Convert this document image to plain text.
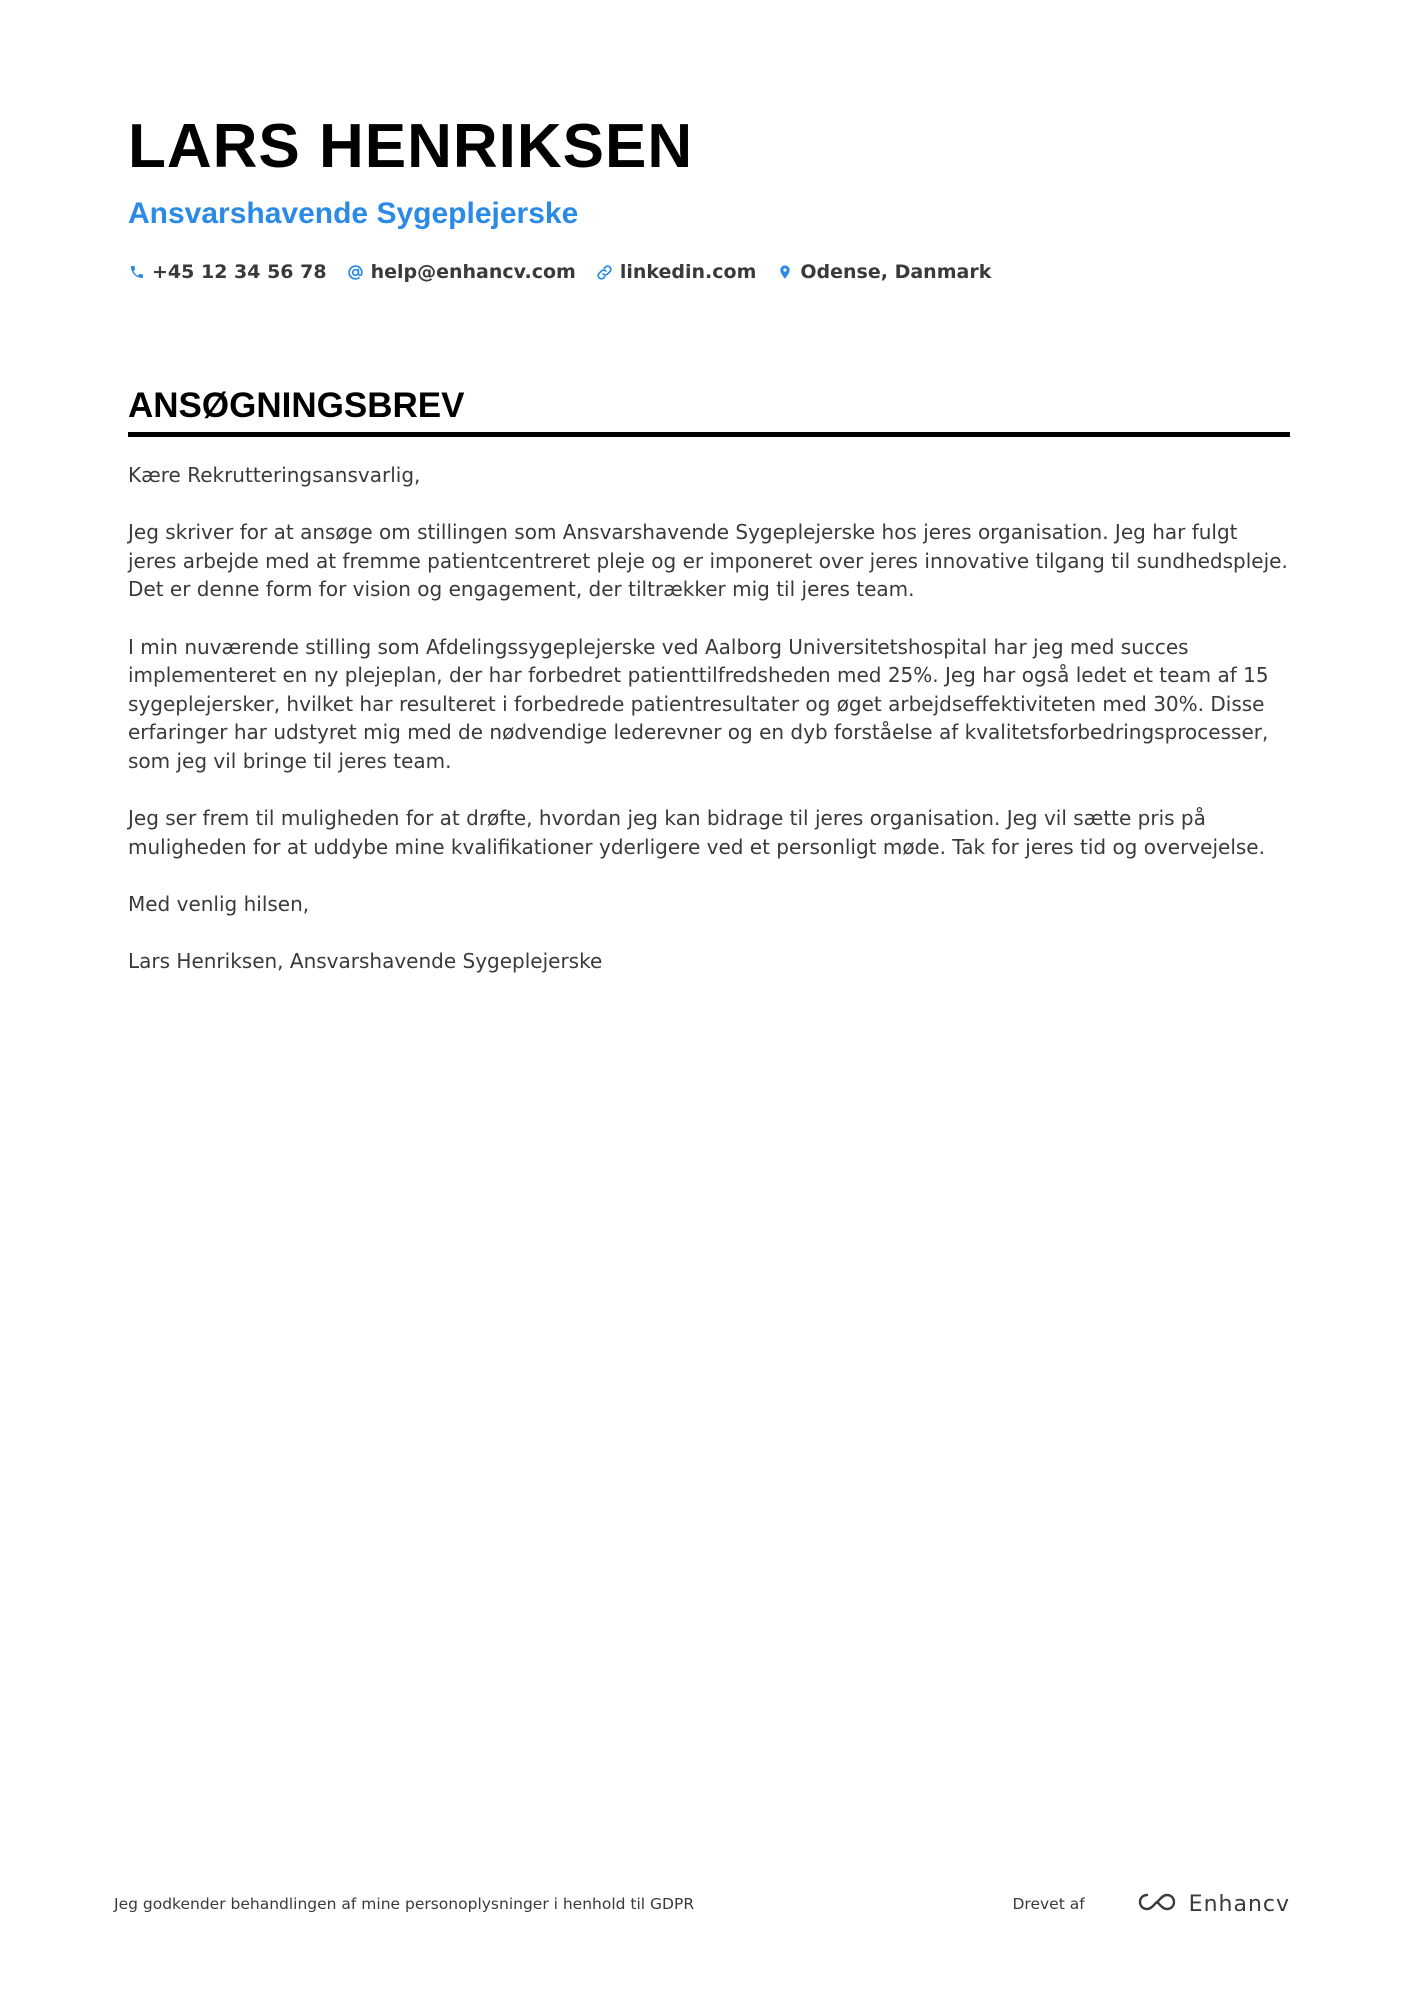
LARS HENRIKSEN
Ansvarshavende Sygeplejerske
+45 12 34 56 78 help@enhancv.com linkedin.com Odense, Danmark
ANSØGNINGSBREV

Kære Rekrutteringsansvarlig,

Jeg skriver for at ansøge om stillingen som Ansvarshavende Sygeplejerske hos jeres organisation. Jeg har fulgt jeres arbejde med at fremme patientcentreret pleje og er imponeret over jeres innovative tilgang til sundhedspleje. Det er denne form for vision og engagement, der tiltrækker mig til jeres team.

I min nuværende stilling som Afdelingssygeplejerske ved Aalborg Universitetshospital har jeg med succes implementeret en ny plejeplan, der har forbedret patienttilfredsheden med 25%. Jeg har også ledet et team af 15 sygeplejersker, hvilket har resulteret i forbedrede patientresultater og øget arbejdseffektiviteten med 30%. Disse erfaringer har udstyret mig med de nødvendige lederevner og en dyb forståelse af kvalitetsforbedringsprocesser, som jeg vil bringe til jeres team.

Jeg ser frem til muligheden for at drøfte, hvordan jeg kan bidrage til jeres organisation. Jeg vil sætte pris på muligheden for at uddybe mine kvalifikationer yderligere ved et personligt møde. Tak for jeres tid og overvejelse.

Med venlig hilsen,

Lars Henriksen, Ansvarshavende Sygeplejerske

Jeg godkender behandlingen af mine personoplysninger i henhold til GDPR	Drevet af	Enhancv
